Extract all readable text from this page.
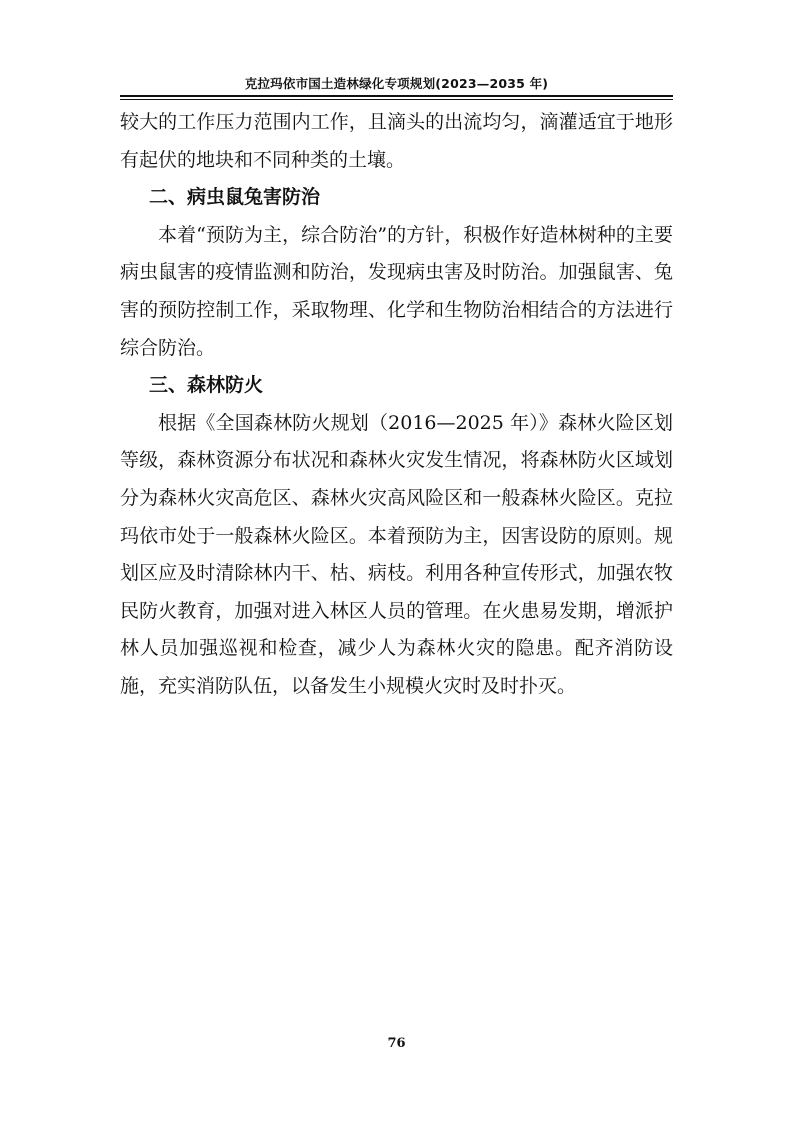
克拉玛依市国土造林绿化专项规划(2023—2035 年)

较大的工作压力范围内工作，且滴头的出流均匀，滴灌适宜于地形有起伏的地块和不同种类的土壤。

二、病虫鼠兔害防治

本着“预防为主，综合防治”的方针，积极作好造林树种的主要病虫鼠害的疫情监测和防治，发现病虫害及时防治。加强鼠害、兔害的预防控制工作，采取物理、化学和生物防治相结合的方法进行综合防治。

三、森林防火

根据《全国森林防火规划（2016—2025 年）》森林火险区划等级，森林资源分布状况和森林火灾发生情况，将森林防火区域划分为森林火灾高危区、森林火灾高风险区和一般森林火险区。克拉玛依市处于一般森林火险区。本着预防为主，因害设防的原则。规划区应及时清除林内干、枯、病枝。利用各种宣传形式，加强农牧民防火教育，加强对进入林区人员的管理。在火患易发期，增派护林人员加强巡视和检查，减少人为森林火灾的隐患。配齐消防设施，充实消防队伍，以备发生小规模火灾时及时扑灭。

76
